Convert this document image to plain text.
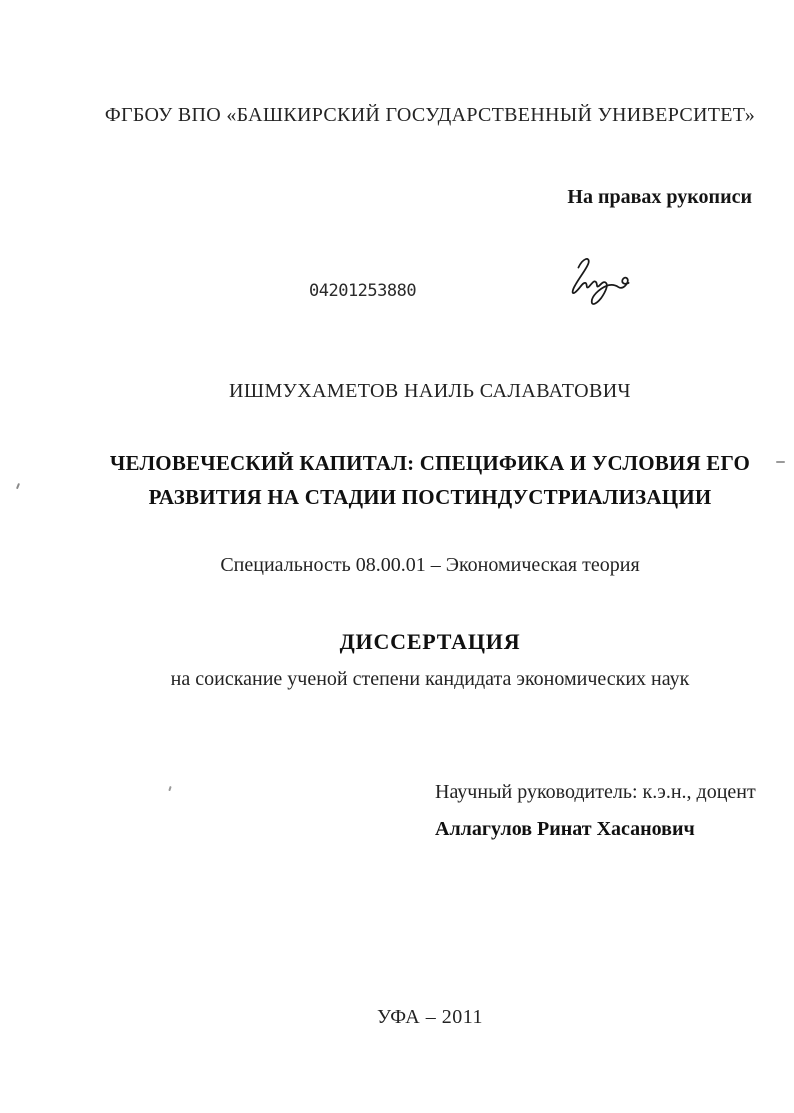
ФГБОУ ВПО «БАШКИРСКИЙ ГОСУДАРСТВЕННЫЙ УНИВЕРСИТЕТ»
На правах рукописи
04201253880
ИШМУХАМЕТОВ НАИЛЬ САЛАВАТОВИЧ
ЧЕЛОВЕЧЕСКИЙ КАПИТАЛ: СПЕЦИФИКА И УСЛОВИЯ ЕГО
РАЗВИТИЯ НА СТАДИИ ПОСТИНДУСТРИАЛИЗАЦИИ
Специальность 08.00.01 – Экономическая теория
ДИССЕРТАЦИЯ
на соискание ученой степени кандидата экономических наук
Научный руководитель: к.э.н., доцент
Аллагулов Ринат Хасанович
УФА – 2011
